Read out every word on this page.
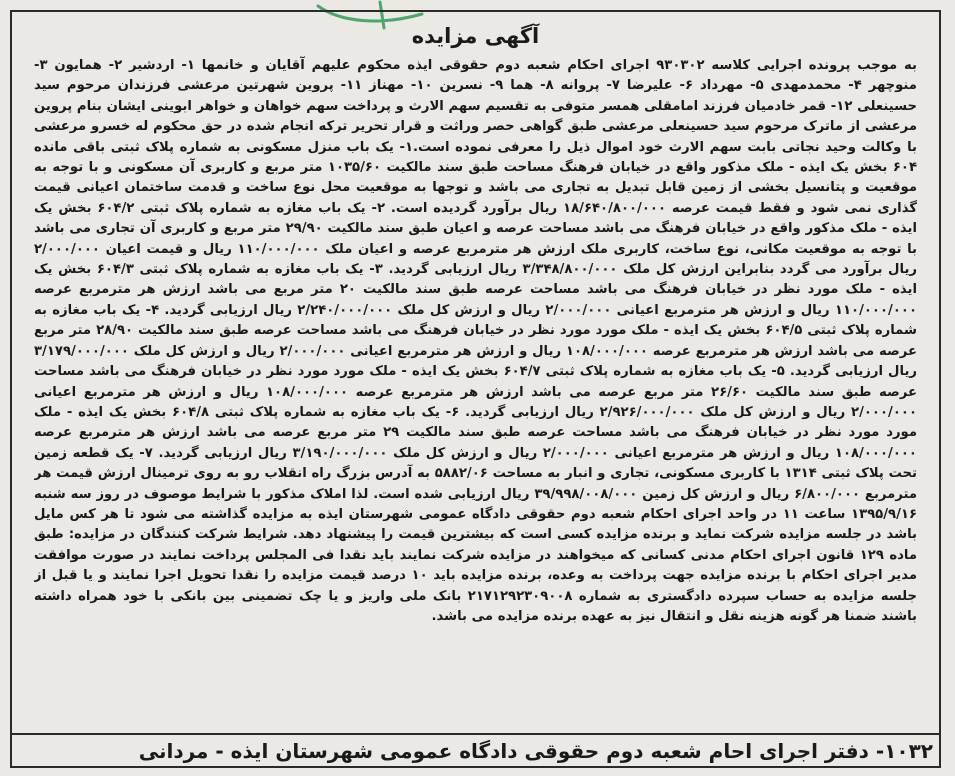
آگهی مزایده
به موجب پرونده اجرایی کلاسه ۹۳۰۳۰۲ اجرای احکام شعبه دوم حقوقی ایذه محکوم علیهم آقایان و خانمها ۱- اردشیر ۲- همایون ۳- منوچهر ۴- محمدمهدی ۵- مهرداد ۶- علیرضا ۷- پروانه ۸- هما ۹- نسرین ۱۰- مهناز ۱۱- پروین شهرتین مرعشی فرزندان مرحوم سید حسینعلی ۱۲- قمر خادمیان فرزند امامقلی همسر متوفی به تقسیم سهم الارث و پرداخت سهم خواهان و خواهر ابوینی ایشان بنام پروین مرعشی از ماترک مرحوم سید حسینعلی مرعشی طبق گواهی حصر وراثت و قرار تحریر ترکه انجام شده در حق محکوم له خسرو مرعشی با وکالت وحید نجاتی بابت سهم الارث خود اموال ذیل را معرفی نموده است.۱- یک باب منزل مسکونی به شماره پلاک ثبتی باقی مانده ۶۰۴ بخش یک ایذه - ملک مذکور واقع در خیابان فرهنگ مساحت طبق سند مالکیت ۱۰۳۵/۶۰ متر مربع و کاربری آن مسکونی و با توجه به موقعیت و پتانسیل بخشی از زمین قابل تبدیل به تجاری می باشد و توجها به موقعیت محل نوع ساخت و قدمت ساختمان اعیانی قیمت گذاری نمی شود و فقط قیمت عرصه ۱۸/۶۴۰/۸۰۰/۰۰۰ ریال برآورد گردیده است. ۲- یک باب مغازه به شماره پلاک ثبتی ۶۰۴/۲ بخش یک ایذه - ملک مذکور واقع در خیابان فرهنگ می باشد مساحت عرصه و اعیان طبق سند مالکیت ۲۹/۹۰ متر مربع و کاربری آن تجاری می باشد با توجه به موقعیت مکانی، نوع ساخت، کاربری ملک ارزش هر مترمربع عرصه و اعیان ملک ۱۱۰/۰۰۰/۰۰۰ ریال و قیمت اعیان ۲/۰۰۰/۰۰۰ ریال برآورد می گردد بنابراین ارزش کل ملک ۳/۳۴۸/۸۰۰/۰۰۰ ریال ارزیابی گردید. ۳- یک باب مغازه به شماره پلاک ثبتی ۶۰۴/۳ بخش یک ایذه - ملک مورد نظر در خیابان فرهنگ می باشد مساحت عرصه طبق سند مالکیت ۲۰ متر مربع می باشد ارزش هر مترمربع عرصه ۱۱۰/۰۰۰/۰۰۰ ریال و ارزش هر مترمربع اعیانی ۲/۰۰۰/۰۰۰ ریال و ارزش کل ملک ۲/۲۴۰/۰۰۰/۰۰۰ ریال ارزیابی گردید. ۴- یک باب مغازه به شماره پلاک ثبتی ۶۰۴/۵ بخش یک ایذه - ملک مورد مورد نظر در خیابان فرهنگ می باشد مساحت عرصه طبق سند مالکیت ۲۸/۹۰ متر مربع عرصه می باشد ارزش هر مترمربع عرصه ۱۰۸/۰۰۰/۰۰۰ ریال و ارزش هر مترمربع اعیانی ۲/۰۰۰/۰۰۰ ریال و ارزش کل ملک ۳/۱۷۹/۰۰۰/۰۰۰ ریال ارزیابی گردید. ۵- یک باب مغازه به شماره پلاک ثبتی ۶۰۴/۷ بخش یک ایذه - ملک مورد مورد نظر در خیابان فرهنگ می باشد مساحت عرصه طبق سند مالکیت ۲۶/۶۰ متر مربع عرصه می باشد ارزش هر مترمربع عرصه ۱۰۸/۰۰۰/۰۰۰ ریال و ارزش هر مترمربع اعیانی ۲/۰۰۰/۰۰۰ ریال و ارزش کل ملک ۲/۹۲۶/۰۰۰/۰۰۰ ریال ارزیابی گردید. ۶- یک باب مغازه به شماره پلاک ثبتی ۶۰۴/۸ بخش یک ایذه - ملک مورد مورد نظر در خیابان فرهنگ می باشد مساحت عرصه طبق سند مالکیت ۲۹ متر مربع عرصه می باشد ارزش هر مترمربع عرصه ۱۰۸/۰۰۰/۰۰۰ ریال و ارزش هر مترمربع اعیانی ۲/۰۰۰/۰۰۰ ریال و ارزش کل ملک ۳/۱۹۰/۰۰۰/۰۰۰ ریال ارزیابی گردید. ۷- یک قطعه زمین تحت پلاک ثبتی ۱۳۱۴ با کاربری مسکونی، تجاری و انبار به مساحت ۵۸۸۲/۰۶ به آدرس بزرگ راه انقلاب رو به روی ترمینال ارزش قیمت هر مترمربع ۶/۸۰۰/۰۰۰ ریال و ارزش کل زمین ۳۹/۹۹۸/۰۰۸/۰۰۰ ریال ارزیابی شده است. لذا املاک مذکور با شرایط موصوف در روز سه شنبه ۱۳۹۵/۹/۱۶ ساعت ۱۱ در واحد اجرای احکام شعبه دوم حقوقی دادگاه عمومی شهرستان ایذه به مزایده گذاشته می شود تا هر کس مایل باشد در جلسه مزایده شرکت نماید و برنده مزایده کسی است که بیشترین قیمت را پیشنهاد دهد. شرایط شرکت کنندگان در مزایده: طبق ماده ۱۲۹ قانون اجرای احکام مدنی کسانی که میخواهند در مزایده شرکت نمایند باید نقدا فی المجلس پرداخت نمایند در صورت موافقت مدیر اجرای احکام با برنده مزایده جهت پرداخت به وعده، برنده مزایده باید ۱۰ درصد قیمت مزایده را نقدا تحویل اجرا نمایند و یا قبل از جلسه مزایده به حساب سپرده دادگستری به شماره ۲۱۷۱۲۹۲۳۰۹۰۰۸ بانک ملی واریز و یا چک تضمینی بین بانکی با خود همراه داشته باشند ضمنا هر گونه هزینه نقل و انتقال نیز به عهده برنده مزایده می باشد.
۱۰۳۲- دفتر اجرای احام شعبه دوم حقوقی دادگاه عمومی شهرستان ایذه - مردانی
